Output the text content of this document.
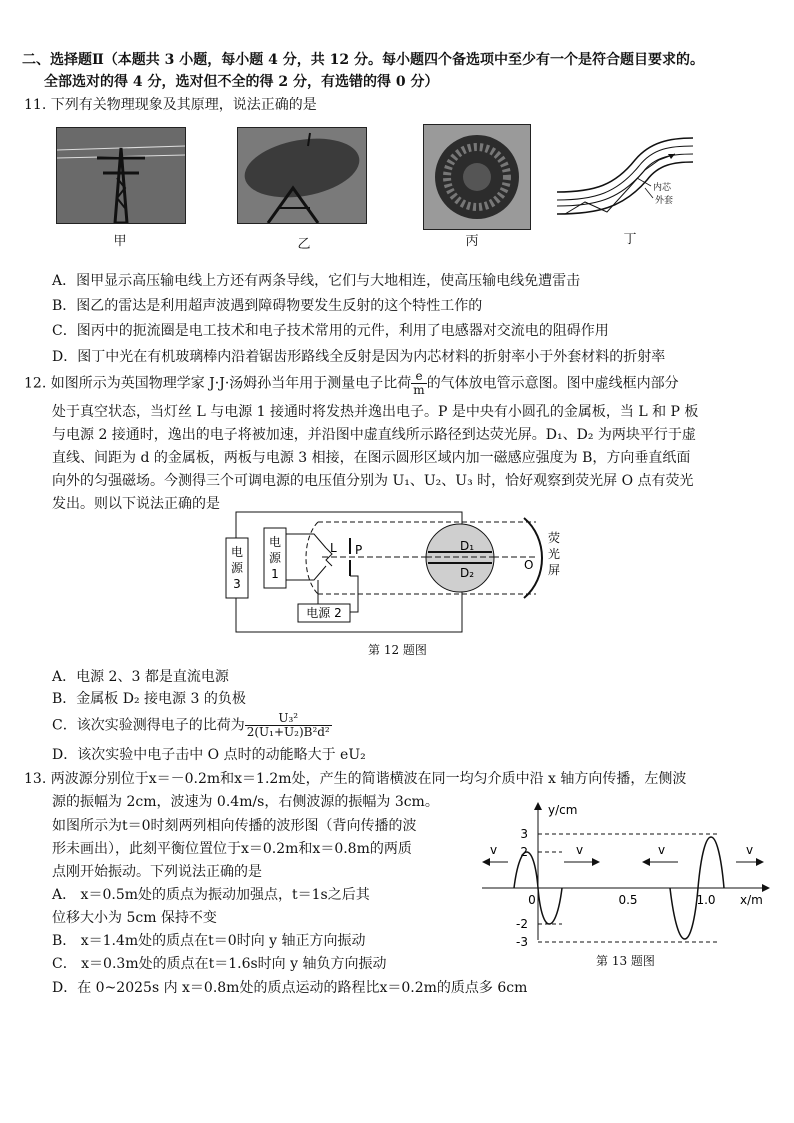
二、选择题Ⅱ（本题共 3 小题，每小题 4 分，共 12 分。每小题四个备选项中至少有一个是符合题目要求的。
全部选对的得 4 分，选对但不全的得 2 分，有选错的得 0 分）
11. 下列有关物理现象及其原理，说法正确的是
内芯
外套
甲	乙	丙	丁
A．图甲显示高压输电线上方还有两条导线，它们与大地相连，使高压输电线免遭雷击
B．图乙的雷达是利用超声波遇到障碍物要发生反射的这个特性工作的
C．图丙中的扼流圈是电工技术和电子技术常用的元件，利用了电感器对交流电的阻碍作用
D．图丁中光在有机玻璃棒内沿着锯齿形路线全反射是因为内芯材料的折射率小于外套材料的折射率
12. 如图所示为英国物理学家 J·J·汤姆孙当年用于测量电子比荷 $\frac{e}{m}$ 的气体放电管示意图。图中虚线框内部分
处于真空状态，当灯丝 L 与电源 1 接通时将发热并逸出电子。P 是中央有小圆孔的金属板，当 L 和 P 板
与电源 2 接通时，逸出的电子将被加速，并沿图中虚直线所示路径到达荧光屏。D₁、D₂ 为两块平行于虚
直线、间距为 d 的金属板，两板与电源 3 相接，在图示圆形区域内加一磁感应强度为 B，方向垂直纸面
向外的匀强磁场。今测得三个可调电源的电压值分别为 U₁、U₂、U₃ 时，恰好观察到荧光屏 O 点有荧光
发出。则以下说法正确的是
电
源
3
电
源
1
L P
电源 2
D₁
D₂
O
荧
光
屏
第 12 题图
A．电源 2、3 都是直流电源
B．金属板 D₂ 接电源 3 的负极
C．该次实验测得电子的比荷为 $\frac{\text{U₃²}}{\text{2(U₁+U₂)B²d²}}$
D．该次实验中电子击中 O 点时的动能略大于 eU₂
13. 两波源分别位于x＝－0.2m和x＝1.2m处，产生的简谐横波在同一均匀介质中沿 x 轴方向传播，左侧波
源的振幅为 2cm，波速为 0.4m/s，右侧波源的振幅为 3cm。
如图所示为t＝0时刻两列相向传播的波形图（背向传播的波
形未画出），此刻平衡位置位于x＝0.2m和x＝0.8m的两质
点刚开始振动。下列说法正确的是
A． x＝0.5m处的质点为振动加强点，t＝1s之后其
位移大小为 5cm 保持不变
B． x＝1.4m处的质点在t＝0时向 y 轴正方向振动
C． x＝0.3m处的质点在t＝1.6s时向 y 轴负方向振动
D．在 0~2025s 内 x＝0.8m处的质点运动的路程比x＝0.2m的质点多 6cm
y/cm
x/m
3
2
-2
-3
0	0.5	1.0
v	v	v	v
第 13 题图
